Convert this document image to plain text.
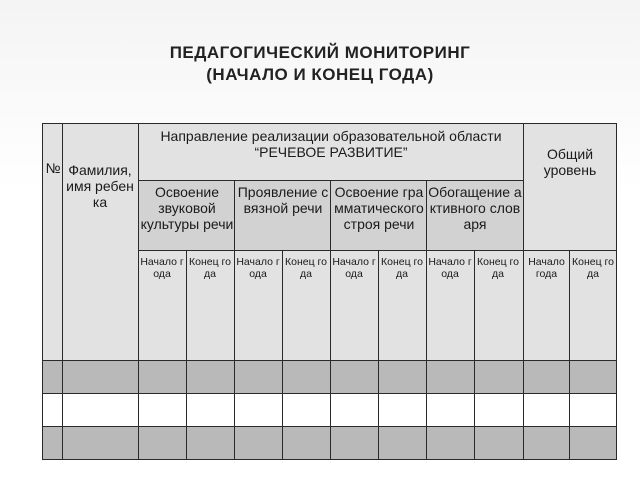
ПЕДАГОГИЧЕСКИЙ МОНИТОРИНГ
(НАЧАЛО И КОНЕЦ ГОДА)
№ Фамилия, имя ребенка
Направление реализации образовательной области “РЕЧЕВОЕ РАЗВИТИЕ”	Общий уровень
Освоение звуковой культуры речи
Проявление связной речи
Освоение грамматического строя речи
Обогащение активного словаря
Начало года
Конец года
Начало года
Конец года
Начало года
Конец года
Начало года
Конец года
Начало года
Конец года
